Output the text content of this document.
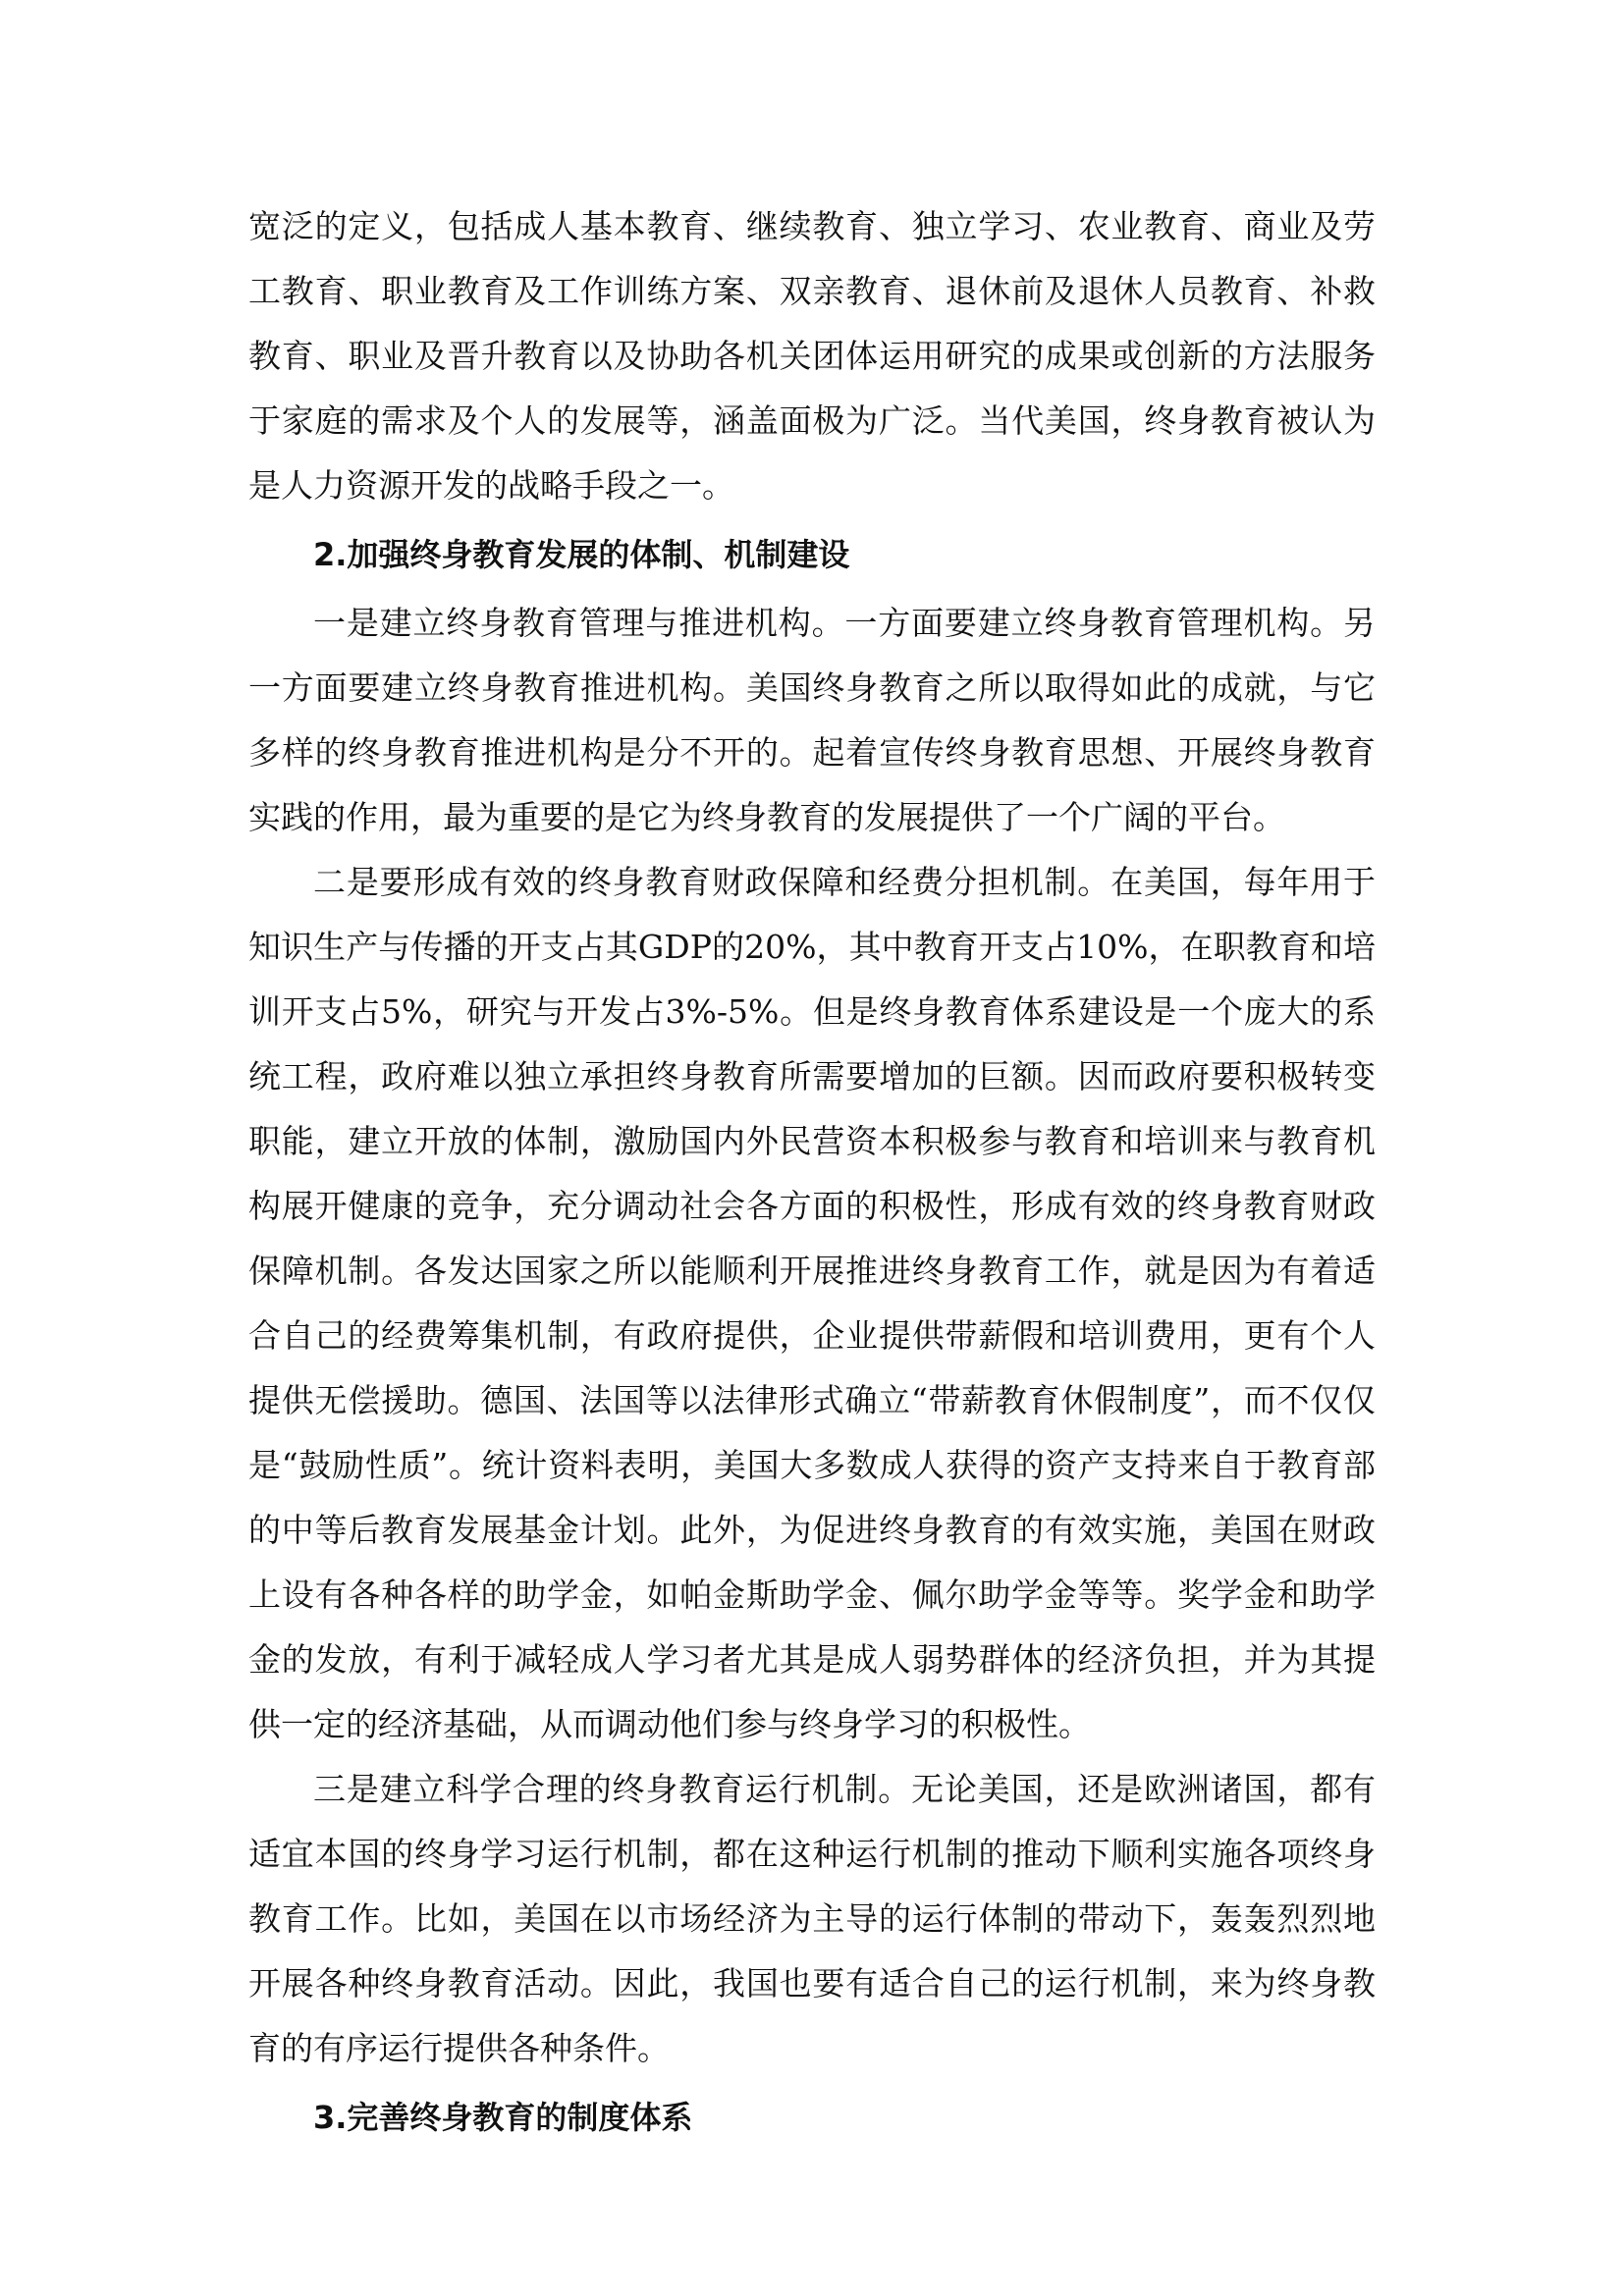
宽泛的定义，包括成人基本教育、继续教育、独立学习、农业教育、商业及劳工教育、职业教育及工作训练方案、双亲教育、退休前及退休人员教育、补救教育、职业及晋升教育以及协助各机关团体运用研究的成果或创新的方法服务于家庭的需求及个人的发展等，涵盖面极为广泛。当代美国，终身教育被认为是人力资源开发的战略手段之一。

2.加强终身教育发展的体制、机制建设

一是建立终身教育管理与推进机构。一方面要建立终身教育管理机构。另一方面要建立终身教育推进机构。美国终身教育之所以取得如此的成就，与它多样的终身教育推进机构是分不开的。起着宣传终身教育思想、开展终身教育实践的作用，最为重要的是它为终身教育的发展提供了一个广阔的平台。

二是要形成有效的终身教育财政保障和经费分担机制。在美国，每年用于知识生产与传播的开支占其GDP的20%，其中教育开支占10%，在职教育和培训开支占5%，研究与开发占3%-5%。但是终身教育体系建设是一个庞大的系统工程，政府难以独立承担终身教育所需要增加的巨额。因而政府要积极转变职能，建立开放的体制，激励国内外民营资本积极参与教育和培训来与教育机构展开健康的竞争，充分调动社会各方面的积极性，形成有效的终身教育财政保障机制。各发达国家之所以能顺利开展推进终身教育工作，就是因为有着适合自己的经费筹集机制，有政府提供，企业提供带薪假和培训费用，更有个人提供无偿援助。德国、法国等以法律形式确立“带薪教育休假制度”，而不仅仅是“鼓励性质”。统计资料表明，美国大多数成人获得的资产支持来自于教育部的中等后教育发展基金计划。此外，为促进终身教育的有效实施，美国在财政上设有各种各样的助学金，如帕金斯助学金、佩尔助学金等等。奖学金和助学金的发放，有利于减轻成人学习者尤其是成人弱势群体的经济负担，并为其提供一定的经济基础，从而调动他们参与终身学习的积极性。

三是建立科学合理的终身教育运行机制。无论美国，还是欧洲诸国，都有适宜本国的终身学习运行机制，都在这种运行机制的推动下顺利实施各项终身教育工作。比如，美国在以市场经济为主导的运行体制的带动下，轰轰烈烈地开展各种终身教育活动。因此，我国也要有适合自己的运行机制，来为终身教育的有序运行提供各种条件。

3.完善终身教育的制度体系
